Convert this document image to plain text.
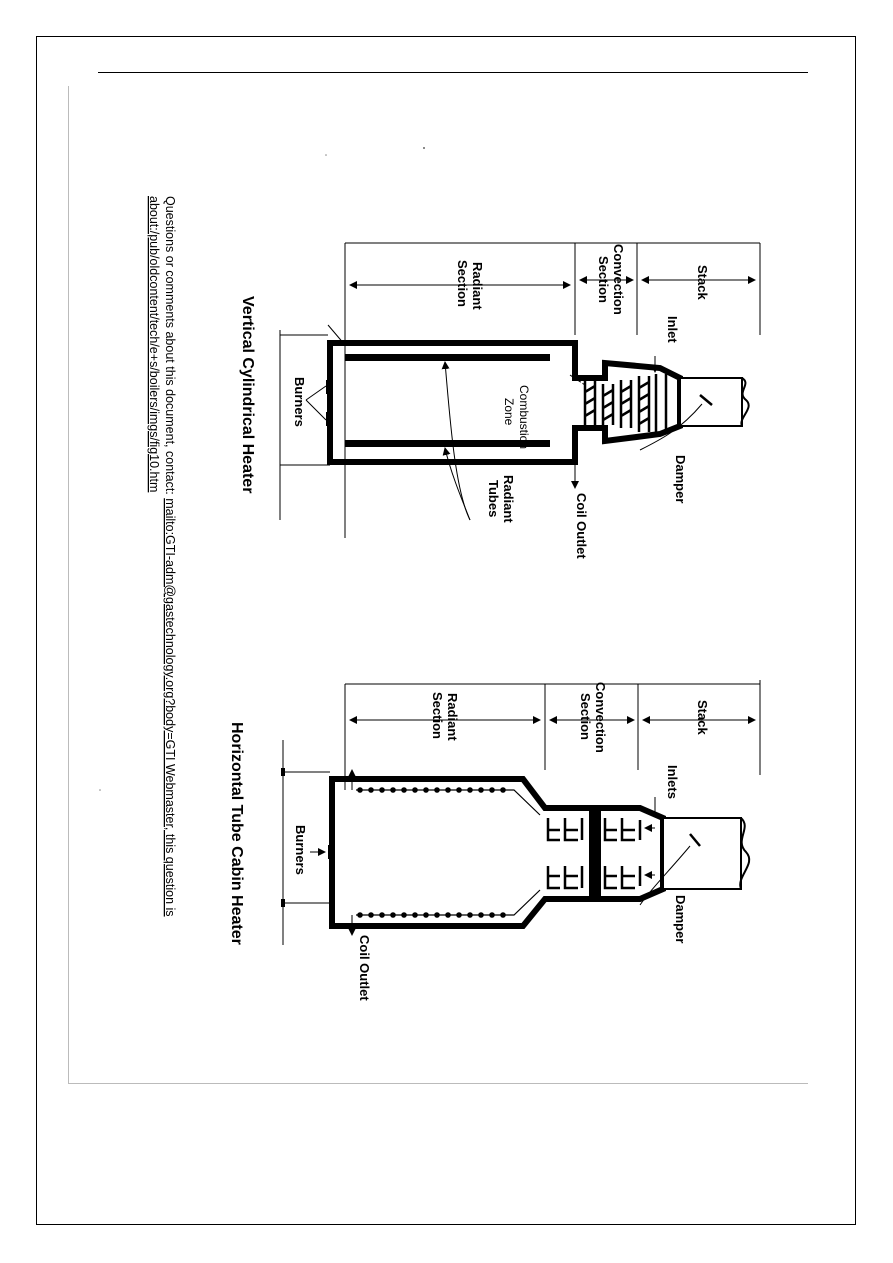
Questions or comments about this document, contact: mailto:GTI-adm@gastechnology.org?body=GTI Webmaster, this question is
about:/pub/oldcontent/tech/e+s/boilers/imgs/fig10.htm	Stack
Convection
Section
Radiant
Section
Burners	Combustion
Zone
Inlet
Damper
Coil Outlet
Radiant
Tubes
Vertical Cylindrical Heater
Stack
Convection
Section
Radiant
Section
Damper
Inlets
Burners
Coil Outlet
Horizontal Tube Cabin Heater
